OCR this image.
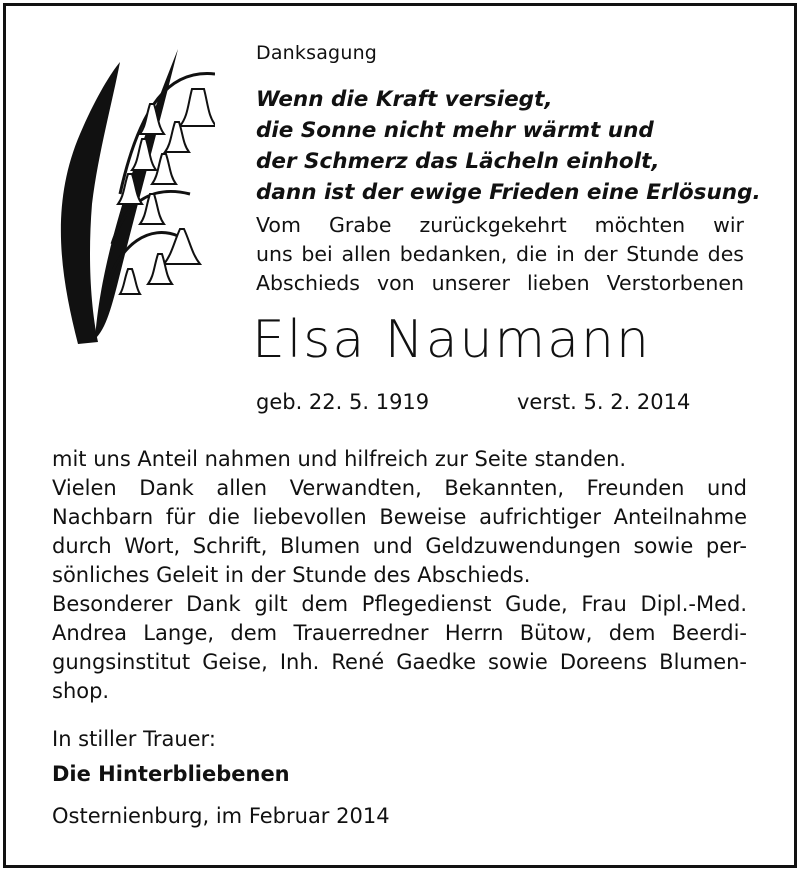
Danksagung
Wenn die Kraft versiegt,
die Sonne nicht mehr wärmt und
der Schmerz das Lächeln einholt,
dann ist der ewige Frieden eine Erlösung.
Vom Grabe zurückgekehrt möchten wir
uns bei allen bedanken, die in der Stunde des
Abschieds von unserer lieben Verstorbenen
Elsa Naumann
geb. 22. 5. 1919	verst. 5. 2. 2014
mit uns Anteil nahmen und hilfreich zur Seite standen.
Vielen Dank allen Verwandten, Bekannten, Freunden und
Nachbarn für die liebevollen Beweise aufrichtiger Anteilnahme
durch Wort, Schrift, Blumen und Geldzuwendungen sowie per-
sönliches Geleit in der Stunde des Abschieds.
Besonderer Dank gilt dem Pflegedienst Gude, Frau Dipl.-Med.
Andrea Lange, dem Trauerredner Herrn Bütow, dem Beerdi-
gungsinstitut Geise, Inh. René Gaedke sowie Doreens Blumen-
shop.
In stiller Trauer:
Die Hinterbliebenen
Osternienburg, im Februar 2014
